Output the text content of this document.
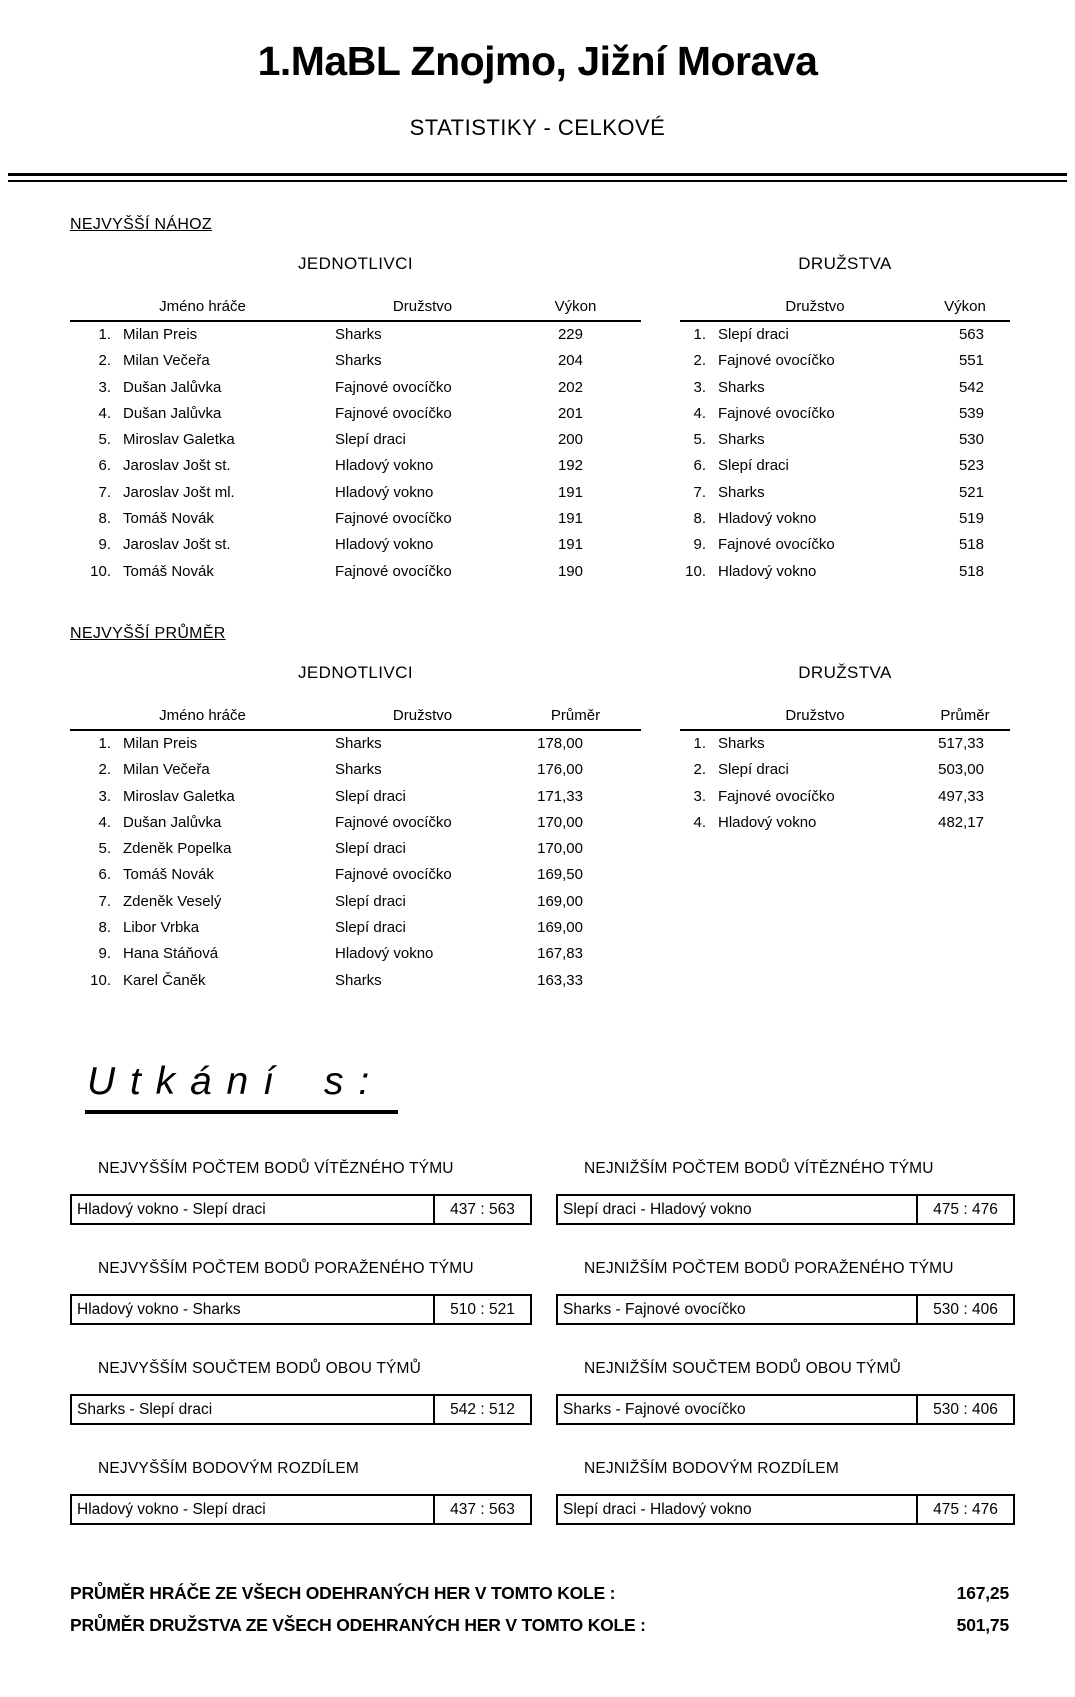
1.MaBL Znojmo, Jižní Morava
STATISTIKY - CELKOVÉ
NEJVYŠŠÍ NÁHOZ
JEDNOTLIVCI
Jméno hráče	Družstvo	Výkon
1. Milan Preis	Sharks	229
2. Milan Večeřa	Sharks	204
3. Dušan Jalůvka	Fajnové ovocíčko	202
4. Dušan Jalůvka	Fajnové ovocíčko	201
5. Miroslav Galetka	Slepí draci	200
6. Jaroslav Jošt st.	Hladový vokno	192
7. Jaroslav Jošt ml.	Hladový vokno	191
8. Tomáš Novák	Fajnové ovocíčko	191
9. Jaroslav Jošt st.	Hladový vokno	191
10. Tomáš Novák	Fajnové ovocíčko	190
DRUŽSTVA
Družstvo	Výkon
1. Slepí draci	563
2. Fajnové ovocíčko	551
3. Sharks	542
4. Fajnové ovocíčko	539
5. Sharks	530
6. Slepí draci	523
7. Sharks	521
8. Hladový vokno	519
9. Fajnové ovocíčko	518
10. Hladový vokno	518
NEJVYŠŠÍ PRŮMĚR
JEDNOTLIVCI
Jméno hráče	Družstvo	Průměr
1. Milan Preis	Sharks	178,00
2. Milan Večeřa	Sharks	176,00
3. Miroslav Galetka	Slepí draci	171,33
4. Dušan Jalůvka	Fajnové ovocíčko	170,00
5. Zdeněk Popelka	Slepí draci	170,00
6. Tomáš Novák	Fajnové ovocíčko	169,50
7. Zdeněk Veselý	Slepí draci	169,00
8. Libor Vrbka	Slepí draci	169,00
9. Hana Stáňová	Hladový vokno	167,83
10. Karel Čaněk	Sharks	163,33
DRUŽSTVA
Družstvo	Průměr
1. Sharks	517,33
2. Slepí draci	503,00
3. Fajnové ovocíčko	497,33
4. Hladový vokno	482,17
Utkání s:
NEJVYŠŠÍM POČTEM BODŮ VÍTĚZNÉHO TÝMU
Hladový vokno - Slepí draci	437 : 563
NEJNIŽŠÍM POČTEM BODŮ VÍTĚZNÉHO TÝMU
Slepí draci - Hladový vokno	475 : 476
NEJVYŠŠÍM POČTEM BODŮ PORAŽENÉHO TÝMU
Hladový vokno - Sharks	510 : 521
NEJNIŽŠÍM POČTEM BODŮ PORAŽENÉHO TÝMU
Sharks - Fajnové ovocíčko	530 : 406
NEJVYŠŠÍM SOUČTEM BODŮ OBOU TÝMŮ
Sharks - Slepí draci	542 : 512
NEJNIŽŠÍM SOUČTEM BODŮ OBOU TÝMŮ
Sharks - Fajnové ovocíčko	530 : 406
NEJVYŠŠÍM BODOVÝM ROZDÍLEM
Hladový vokno - Slepí draci	437 : 563
NEJNIŽŠÍM BODOVÝM ROZDÍLEM
Slepí draci - Hladový vokno	475 : 476
PRŮMĚR HRÁČE ZE VŠECH ODEHRANÝCH HER V TOMTO KOLE :	167,25
PRŮMĚR DRUŽSTVA ZE VŠECH ODEHRANÝCH HER V TOMTO KOLE :	501,75
